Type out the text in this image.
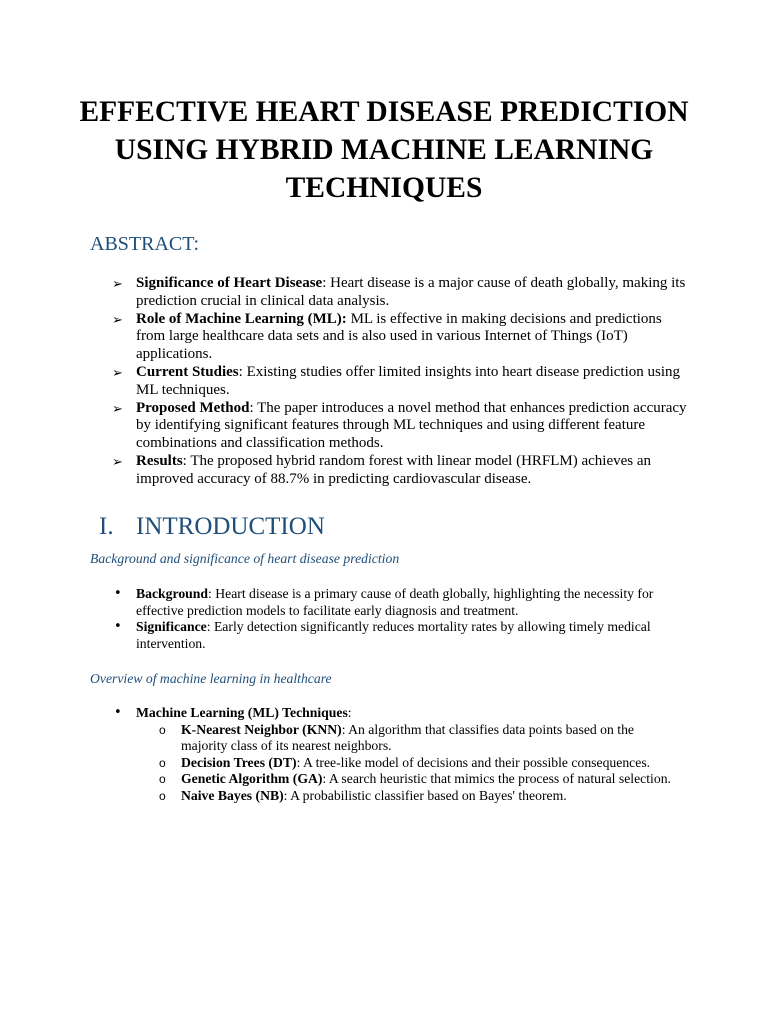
EFFECTIVE HEART DISEASE PREDICTION USING HYBRID MACHINE LEARNING TECHNIQUES
ABSTRACT:
➢ Significance of Heart Disease: Heart disease is a major cause of death globally, making its prediction crucial in clinical data analysis.
➢ Role of Machine Learning (ML): ML is effective in making decisions and predictions from large healthcare data sets and is also used in various Internet of Things (IoT) applications.
➢ Current Studies: Existing studies offer limited insights into heart disease prediction using ML techniques.
➢ Proposed Method: The paper introduces a novel method that enhances prediction accuracy by identifying significant features through ML techniques and using different feature combinations and classification methods.
➢ Results: The proposed hybrid random forest with linear model (HRFLM) achieves an improved accuracy of 88.7% in predicting cardiovascular disease.
I. INTRODUCTION

Background and significance of heart disease prediction

• Background: Heart disease is a primary cause of death globally, highlighting the necessity for effective prediction models to facilitate early diagnosis and treatment.
• Significance: Early detection significantly reduces mortality rates by allowing timely medical intervention.

Overview of machine learning in healthcare

• Machine Learning (ML) Techniques:
o K-Nearest Neighbor (KNN): An algorithm that classifies data points based on the majority class of its nearest neighbors.
o Decision Trees (DT): A tree-like model of decisions and their possible consequences.
o Genetic Algorithm (GA): A search heuristic that mimics the process of natural selection.
o Naive Bayes (NB): A probabilistic classifier based on Bayes' theorem.
